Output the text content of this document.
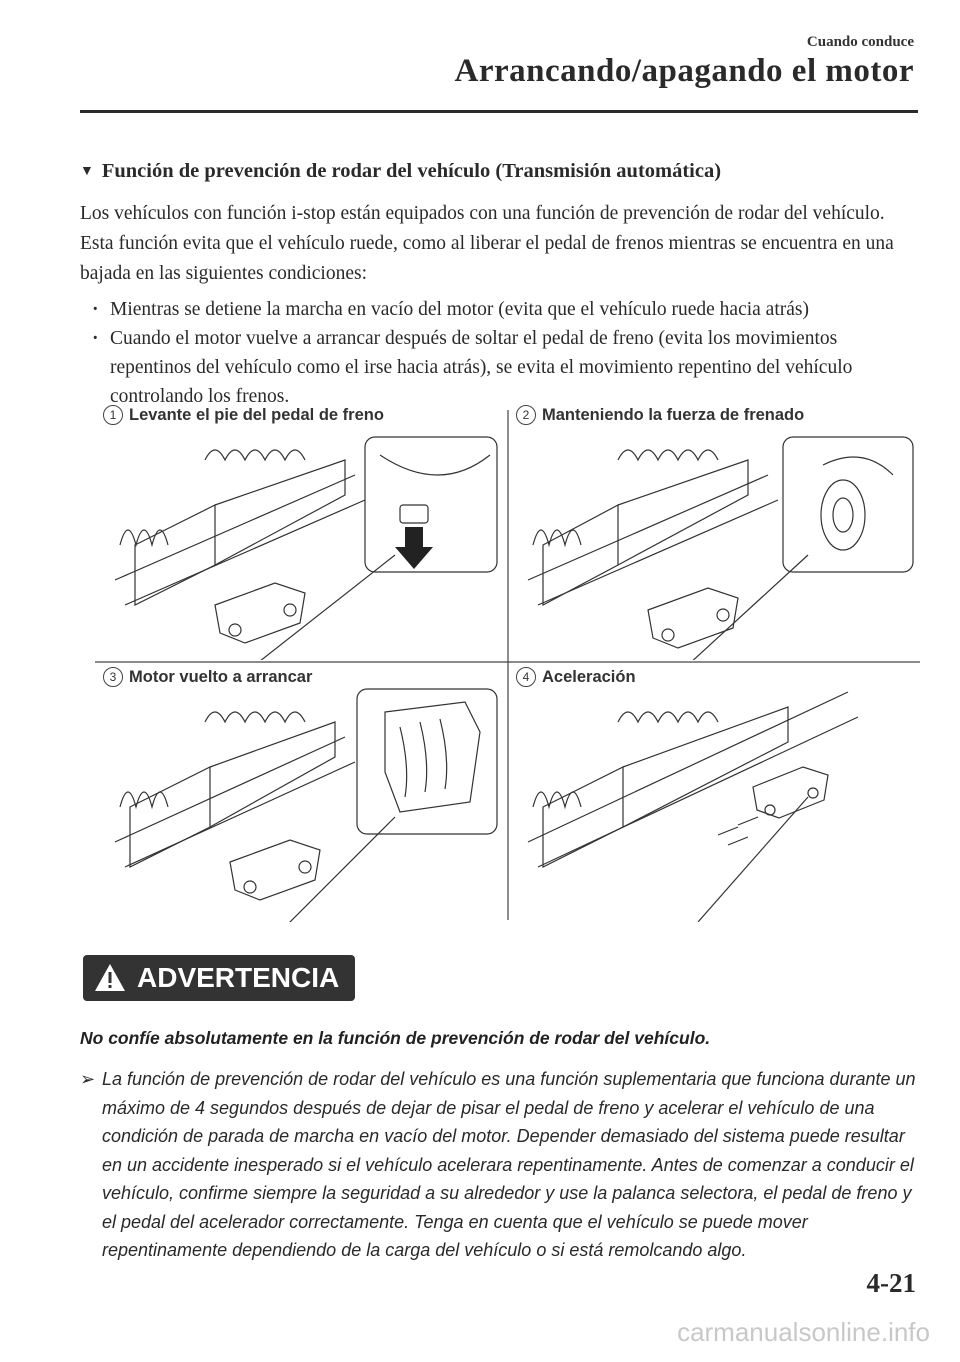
Cuando conduce
Arrancando/apagando el motor
▼ Función de prevención de rodar del vehículo (Transmisión automática)
Los vehículos con función i-stop están equipados con una función de prevención de rodar del vehículo. Esta función evita que el vehículo ruede, como al liberar el pedal de frenos mientras se encuentra en una bajada en las siguientes condiciones:
· Mientras se detiene la marcha en vacío del motor (evita que el vehículo ruede hacia atrás)
· Cuando el motor vuelve a arrancar después de soltar el pedal de freno (evita los movimientos repentinos del vehículo como el irse hacia atrás), se evita el movimiento repentino del vehículo controlando los frenos.
1 Levante el pie del pedal de freno	2 Manteniendo la fuerza de frenado
3 Motor vuelto a arrancar	4 Aceleración
ADVERTENCIA
No confíe absolutamente en la función de prevención de rodar del vehículo.
➢ La función de prevención de rodar del vehículo es una función suplementaria que funciona durante un máximo de 4 segundos después de dejar de pisar el pedal de freno y acelerar el vehículo de una condición de parada de marcha en vacío del motor. Depender demasiado del sistema puede resultar en un accidente inesperado si el vehículo acelerara repentinamente. Antes de comenzar a conducir el vehículo, confirme siempre la seguridad a su alrededor y use la palanca selectora, el pedal de freno y el pedal del acelerador correctamente. Tenga en cuenta que el vehículo se puede mover repentinamente dependiendo de la carga del vehículo o si está remolcando algo.
4-21
carmanualsonline.info
